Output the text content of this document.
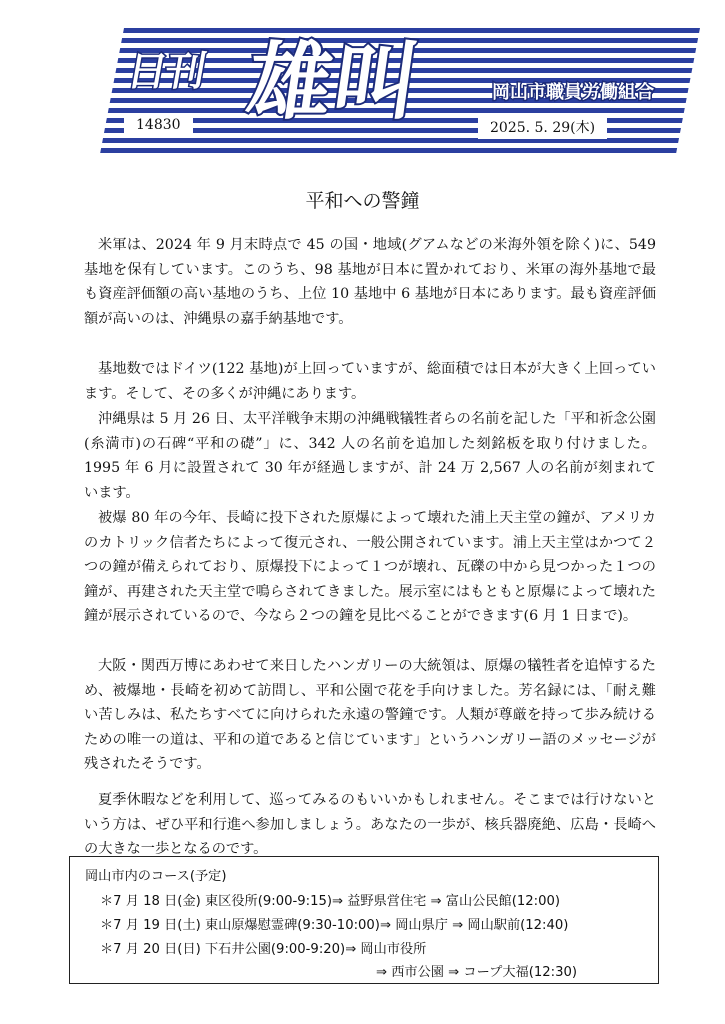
日刊 雄叫	岡山市職員労働組合
14830	2025. 5. 29(木)
平和への警鐘

米軍は、2024 年 9 月末時点で 45 の国・地域(グアムなどの米海外領を除く)に、549 基地を保有しています。このうち、98 基地が日本に置かれており、米軍の海外基地で最も資産評価額の高い基地のうち、上位 10 基地中 6 基地が日本にあります。最も資産評価額が高いのは、沖縄県の嘉手納基地です。

基地数ではドイツ(122 基地)が上回っていますが、総面積では日本が大きく上回っています。そして、その多くが沖縄にあります。

沖縄県は 5 月 26 日、太平洋戦争末期の沖縄戦犠牲者らの名前を記した「平和祈念公園(糸満市)の石碑“平和の礎”」に、342 人の名前を追加した刻銘板を取り付けました。1995 年 6 月に設置されて 30 年が経過しますが、計 24 万 2,567 人の名前が刻まれています。

被爆 80 年の今年、長崎に投下された原爆によって壊れた浦上天主堂の鐘が、アメリカのカトリック信者たちによって復元され、一般公開されています。浦上天主堂はかつて２つの鐘が備えられており、原爆投下によって１つが壊れ、瓦礫の中から見つかった１つの鐘が、再建された天主堂で鳴らされてきました。展示室にはもともと原爆によって壊れた鐘が展示されているので、今なら２つの鐘を見比べることができます(6 月 1 日まで)。

大阪・関西万博にあわせて来日したハンガリーの大統領は、原爆の犠牲者を追悼するため、被爆地・長崎を初めて訪問し、平和公園で花を手向けました。芳名録には、「耐え難い苦しみは、私たちすべてに向けられた永遠の警鐘です。人類が尊厳を持って歩み続けるための唯一の道は、平和の道であると信じています」というハンガリー語のメッセージが残されたそうです。

夏季休暇などを利用して、巡ってみるのもいいかもしれません。そこまでは行けないという方は、ぜひ平和行進へ参加しましょう。あなたの一歩が、核兵器廃絶、広島・長崎への大きな一歩となるのです。

岡山市内のコース(予定)
＊7 月 18 日(金) 東区役所(9:00-9:15)⇒ 益野県営住宅 ⇒ 富山公民館(12:00)
＊7 月 19 日(土) 東山原爆慰霊碑(9:30-10:00)⇒ 岡山県庁 ⇒ 岡山駅前(12:40)
＊7 月 20 日(日) 下石井公園(9:00-9:20)⇒ 岡山市役所
⇒ 西市公園 ⇒ コープ大福(12:30)
